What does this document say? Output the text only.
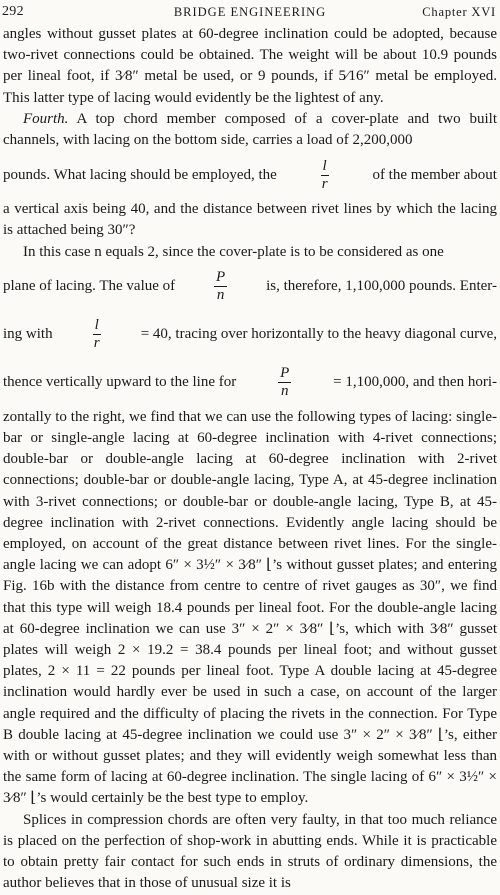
292	BRIDGE ENGINEERING	Chapter XVI

angles without gusset plates at 60-degree inclination could be adopted, because two-rivet connections could be obtained. The weight will be about 10.9 pounds per lineal foot, if 3⁄8″ metal be used, or 9 pounds, if 5⁄16″ metal be employed. This latter type of lacing would evidently be the lightest of any.

Fourth. A top chord member composed of a cover-plate and two built channels, with lacing on the bottom side, carries a load of 2,200,000

pounds. What lacing should be employed, the	$\frac{l}{r}$	of the member about

a vertical axis being 40, and the distance between rivet lines by which the lacing is attached being 30″?

In this case n equals 2, since the cover-plate is to be considered as one

plane of lacing. The value of	$\frac{P}{n}$	is, therefore, 1,100,000 pounds. Enter-
ing with	$\frac{l}{r}$	= 40, tracing over horizontally to the heavy diagonal curve,
thence vertically upward to the line for	$\frac{P}{n}$	= 1,100,000, and then hori-

zontally to the right, we find that we can use the following types of lacing: single-bar or single-angle lacing at 60-degree inclination with 4-rivet connections; double-bar or double-angle lacing at 60-degree inclination with 2-rivet connections; double-bar or double-angle lacing, Type A, at 45-degree inclination with 3-rivet connections; or double-bar or double-angle lacing, Type B, at 45-degree inclination with 2-rivet connections. Evidently angle lacing should be employed, on account of the great distance between rivet lines. For the single-angle lacing we can adopt 6″ × 3½″ × 3⁄8″ ⌊’s without gusset plates; and entering Fig. 16b with the distance from centre to centre of rivet gauges as 30″, we find that this type will weigh 18.4 pounds per lineal foot. For the double-angle lacing at 60-degree inclination we can use 3″ × 2″ × 3⁄8″ ⌊’s, which with 3⁄8″ gusset plates will weigh 2 × 19.2 = 38.4 pounds per lineal foot; and without gusset plates, 2 × 11 = 22 pounds per lineal foot. Type A double lacing at 45-degree inclination would hardly ever be used in such a case, on account of the larger angle required and the difficulty of placing the rivets in the connection. For Type B double lacing at 45-degree inclination we could use 3″ × 2″ × 3⁄8″ ⌊’s, either with or without gusset plates; and they will evidently weigh somewhat less than the same form of lacing at 60-degree inclination. The single lacing of 6″ × 3½″ × 3⁄8″ ⌊’s would certainly be the best type to employ.

Splices in compression chords are often very faulty, in that too much reliance is placed on the perfection of shop-work in abutting ends. While it is practicable to obtain pretty fair contact for such ends in struts of ordinary dimensions, the author believes that in those of unusual size it is
